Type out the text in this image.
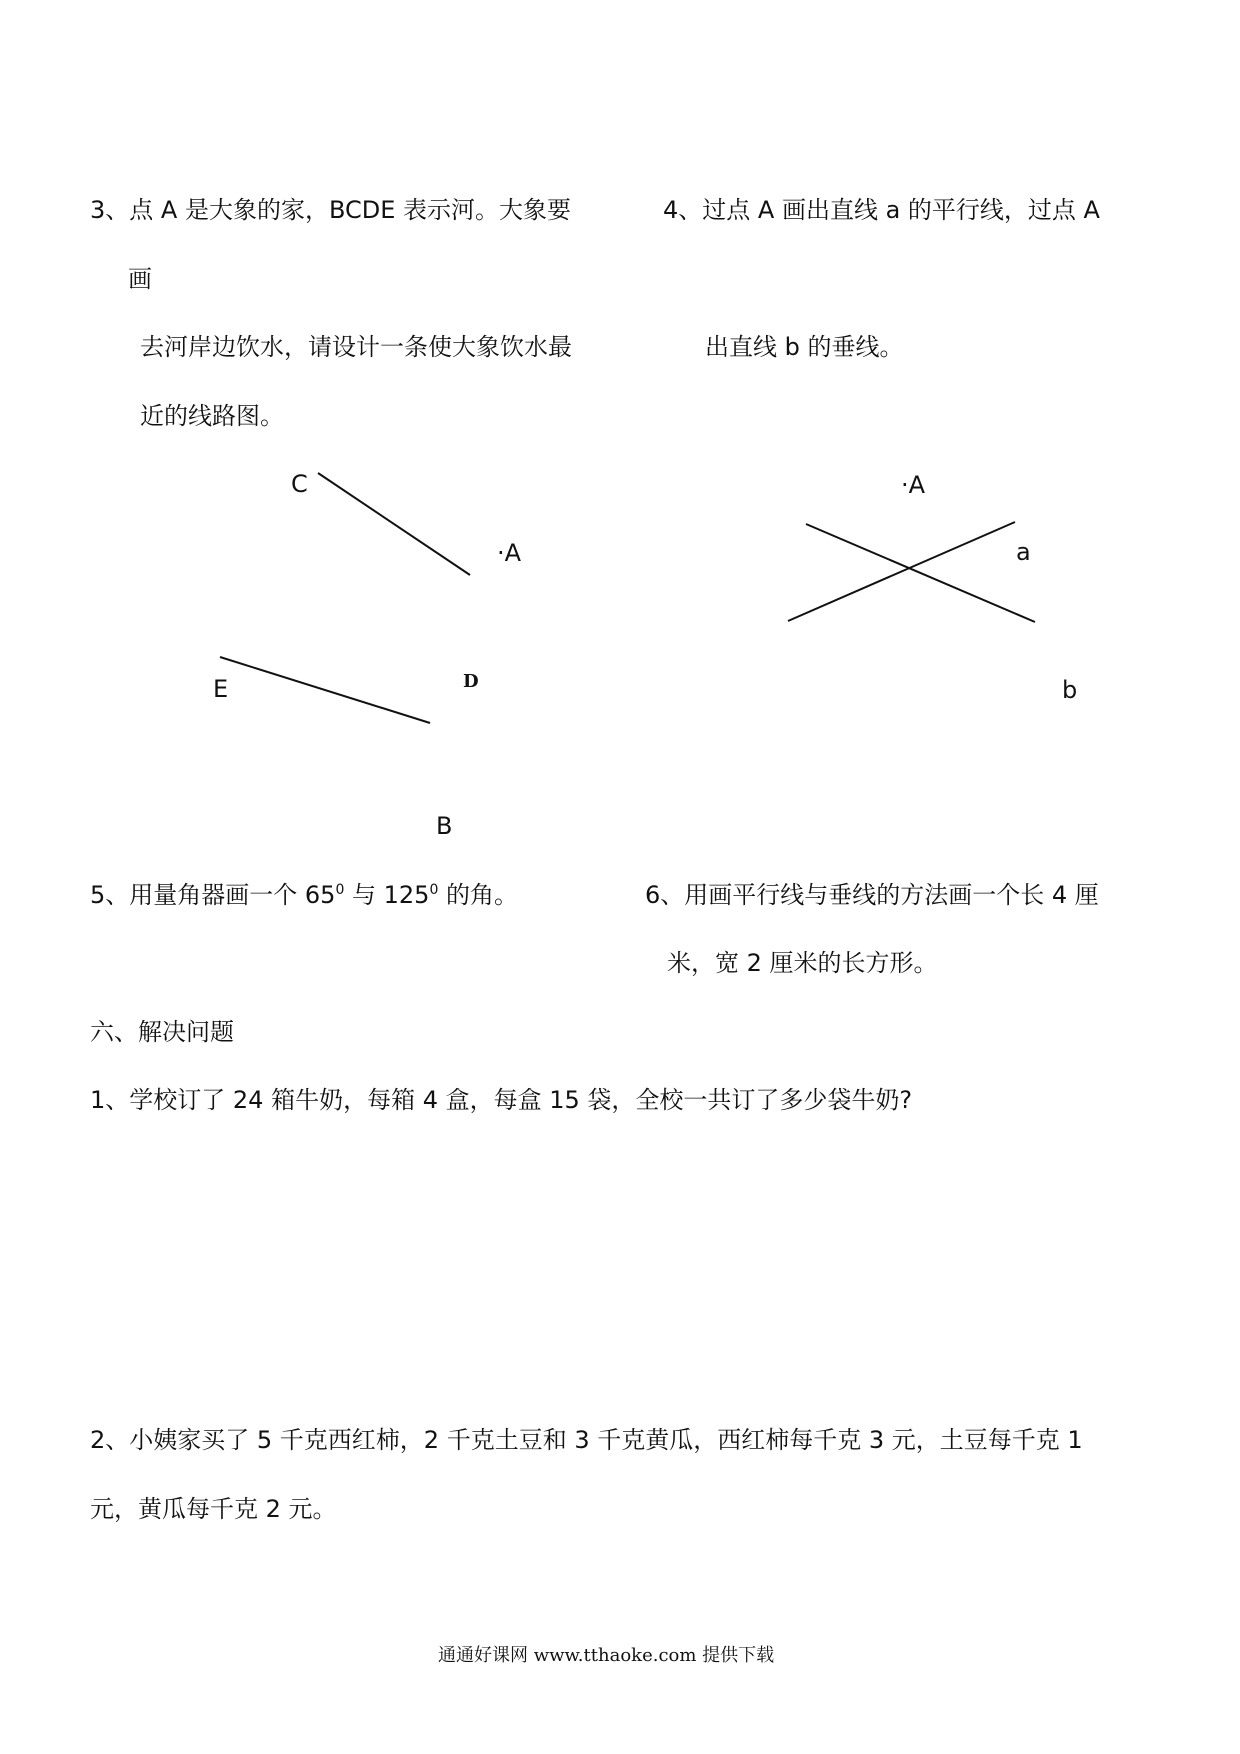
3、点 A 是大象的家，BCDE 表示河。大象要

画

去河岸边饮水，请设计一条使大象饮水最

近的线路图。

4、过点 A 画出直线 a 的平行线，过点 A

出直线 b 的垂线。

C
·A
E	D
B
·A
a
b

5、用量角器画一个 $65^0$ 与 $125^0$ 的角。	6、用画平行线与垂线的方法画一个长 4 厘

米，宽 2 厘米的长方形。

六、解决问题

1、学校订了 24 箱牛奶，每箱 4 盒，每盒 15 袋，全校一共订了多少袋牛奶?

2、小姨家买了 5 千克西红柿，2 千克土豆和 3 千克黄瓜，西红柿每千克 3 元，土豆每千克 1

元，黄瓜每千克 2 元。

通通好课网 www.tthaoke.com 提供下载
